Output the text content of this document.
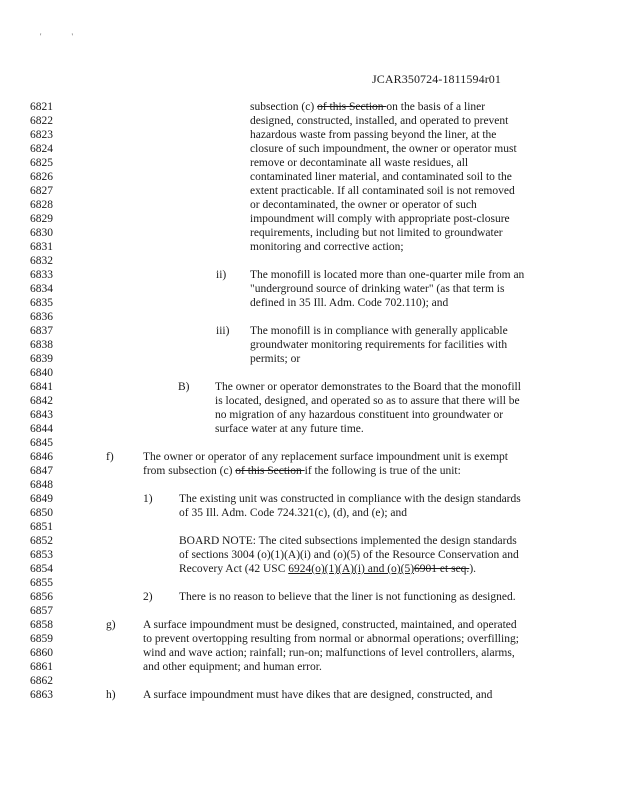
'	'
JCAR350724-1811594r01
6821
6822
6823
6824
6825
6826
6827
6828
6829
6830
6831
6832
6833
6834
6835
6836
6837
6838
6839
6840
6841
6842
6843
6844
6845
6846
6847
6848
6849
6850
6851
6852
6853
6854
6855
6856
6857
6858
6859
6860
6861
6862
6863
subsection (c) of this Section on the basis of a liner
designed, constructed, installed, and operated to prevent
hazardous waste from passing beyond the liner, at the
closure of such impoundment, the owner or operator must
remove or decontaminate all waste residues, all
contaminated liner material, and contaminated soil to the
extent practicable. If all contaminated soil is not removed
or decontaminated, the owner or operator of such
impoundment will comply with appropriate post-closure
requirements, including but not limited to groundwater
monitoring and corrective action;
ii) The monofill is located more than one-quarter mile from an
"underground source of drinking water" (as that term is
defined in 35 Ill. Adm. Code 702.110); and
iii) The monofill is in compliance with generally applicable
groundwater monitoring requirements for facilities with
permits; or
B) The owner or operator demonstrates to the Board that the monofill
is located, designed, and operated so as to assure that there will be
no migration of any hazardous constituent into groundwater or
surface water at any future time.
f)	The owner or operator of any replacement surface impoundment unit is exempt
from subsection (c) of this Section if the following is true of the unit:
1) The existing unit was constructed in compliance with the design standards
of 35 Ill. Adm. Code 724.321(c), (d), and (e); and
BOARD NOTE: The cited subsections implemented the design standards
of sections 3004 (o)(1)(A)(i) and (o)(5) of the Resource Conservation and
Recovery Act (42 USC 6924(o)(1)(A)(i) and (o)(5)6901 et seq.).
2) There is no reason to believe that the liner is not functioning as designed.
g) A surface impoundment must be designed, constructed, maintained, and operated
to prevent overtopping resulting from normal or abnormal operations; overfilling;
wind and wave action; rainfall; run-on; malfunctions of level controllers, alarms,
and other equipment; and human error.
h) A surface impoundment must have dikes that are designed, constructed, and
